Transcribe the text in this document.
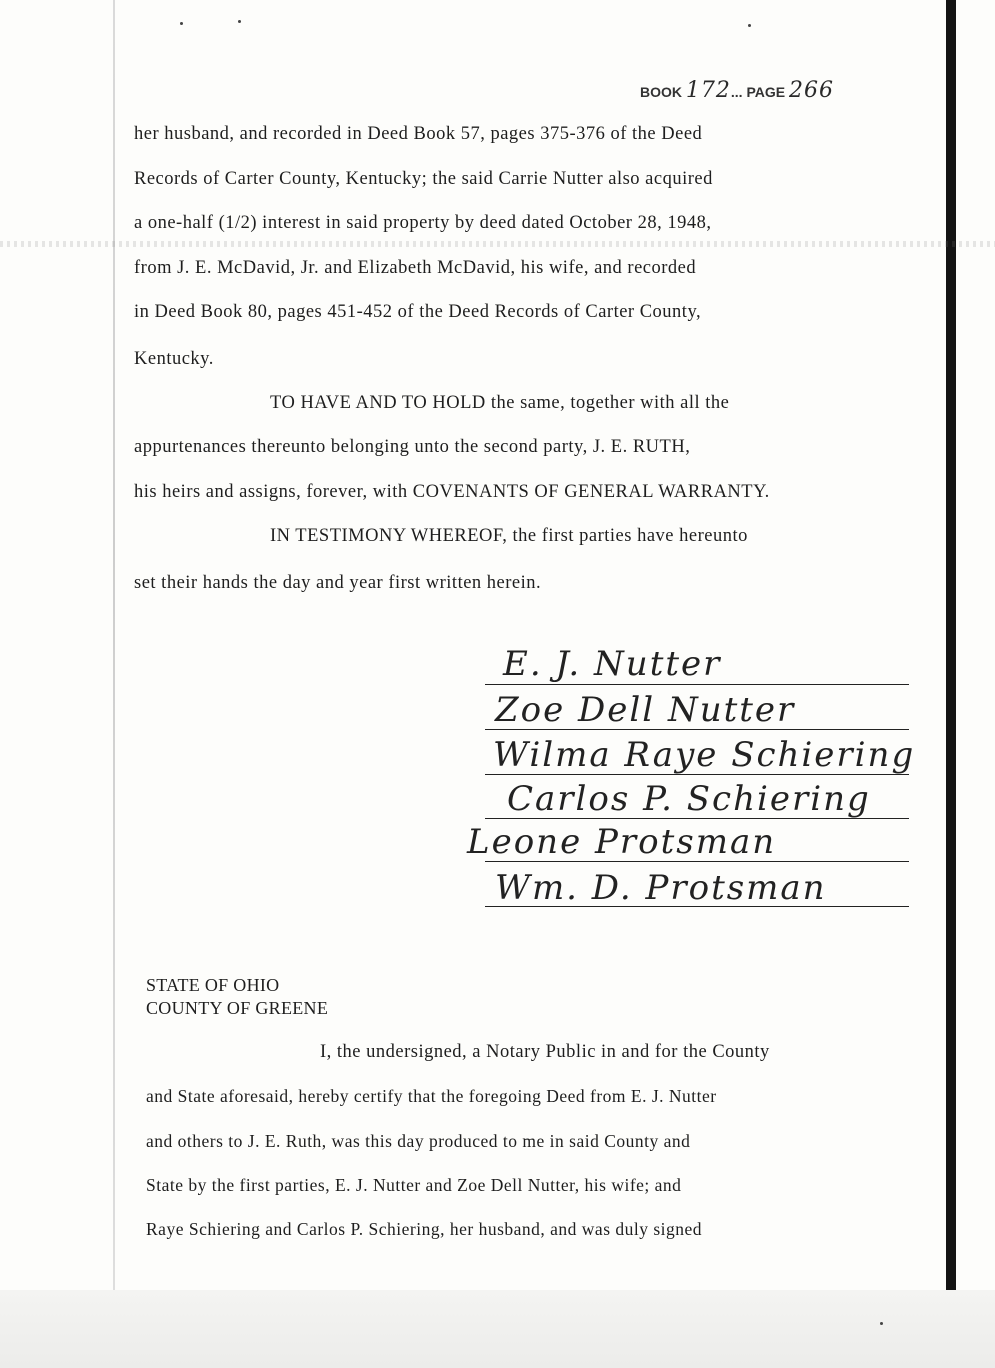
BOOK 172... PAGE 266
her husband, and recorded in Deed Book 57, pages 375-376 of the Deed
Records of Carter County, Kentucky; the said Carrie Nutter also acquired
a one-half (1/2) interest in said property by deed dated October 28, 1948,
from J. E. McDavid, Jr. and Elizabeth McDavid, his wife, and recorded
in Deed Book 80, pages 451-452 of the Deed Records of Carter County,
Kentucky.
TO HAVE AND TO HOLD the same, together with all the
appurtenances thereunto belonging unto the second party, J. E. RUTH,
his heirs and assigns, forever, with COVENANTS OF GENERAL WARRANTY.
IN TESTIMONY WHEREOF, the first parties have hereunto
set their hands the day and year first written herein.
E. J. Nutter
Zoe Dell Nutter
Wilma Raye Schiering
Carlos P. Schiering
Leone Protsman
Wm. D. Protsman
STATE OF OHIO
COUNTY OF GREENE
I, the undersigned, a Notary Public in and for the County
and State aforesaid, hereby certify that the foregoing Deed from E. J. Nutter
and others to J. E. Ruth, was this day produced to me in said County and
State by the first parties, E. J. Nutter and Zoe Dell Nutter, his wife; and
Raye Schiering and Carlos P. Schiering, her husband, and was duly signed
